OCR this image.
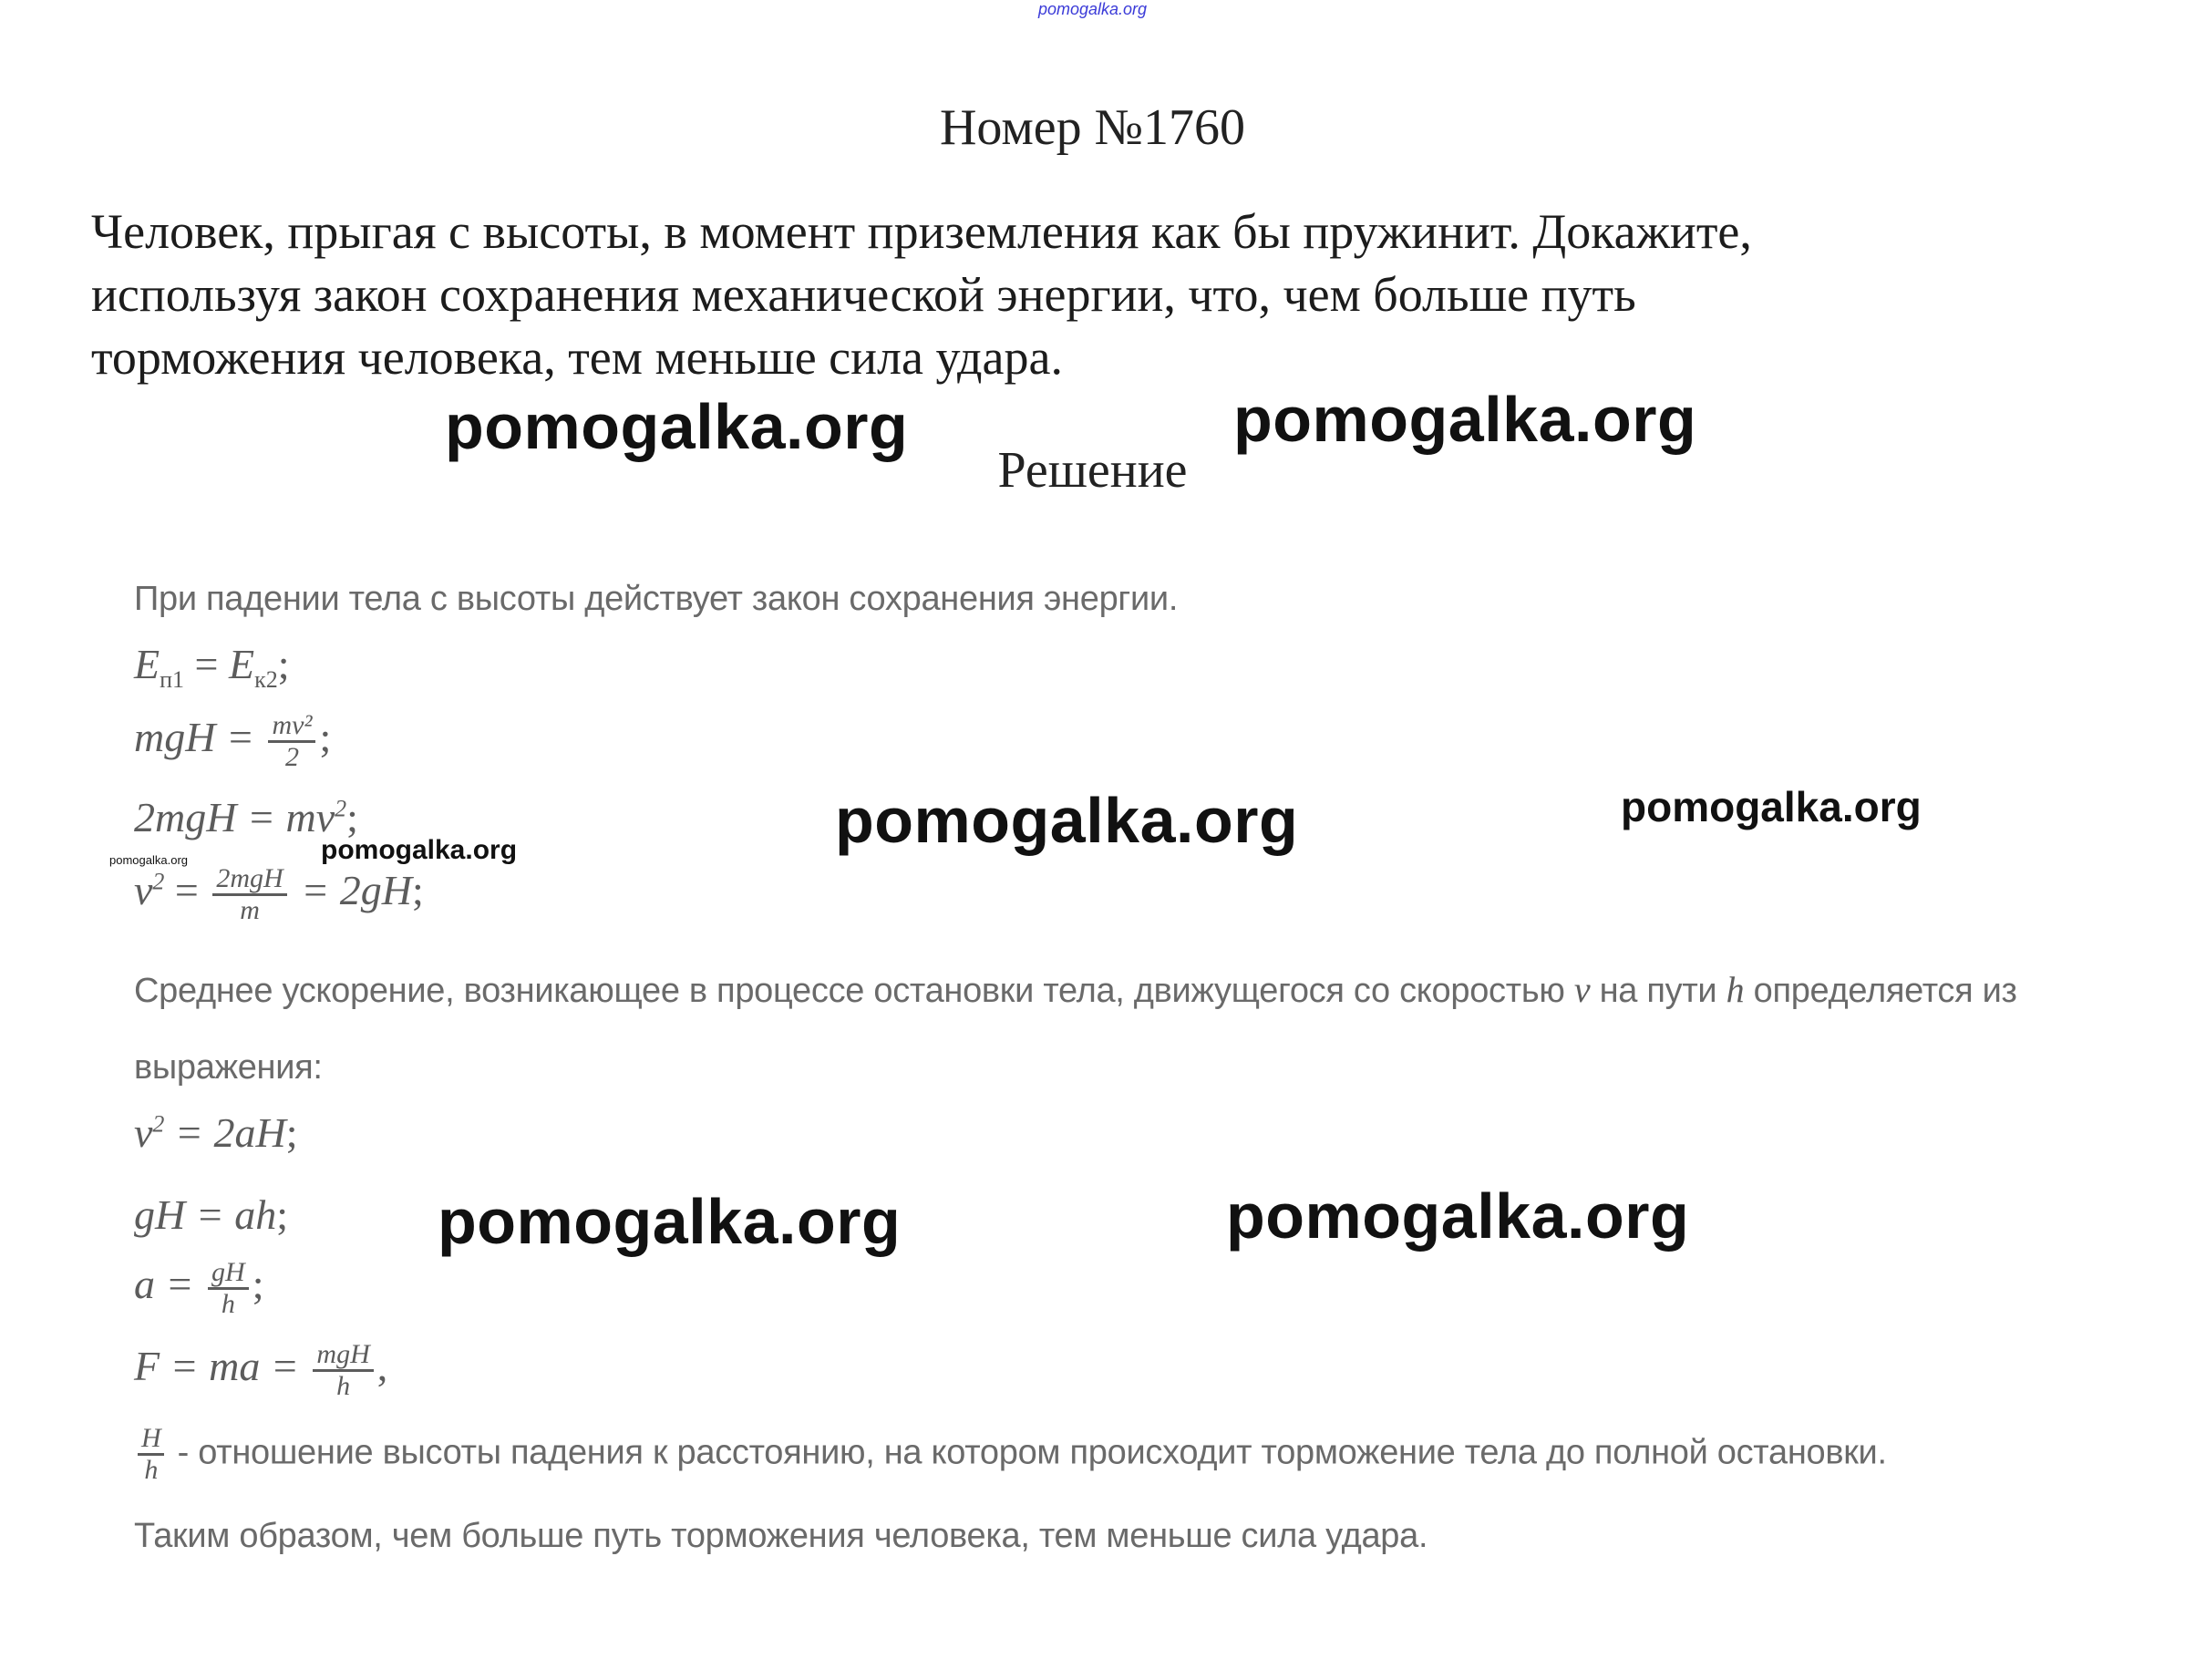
pomogalka.org
Номер №1760
Человек, прыгая с высоты, в момент приземления как бы пружинит. Докажите,
используя закон сохранения механической энергии, что, чем больше путь
торможения человека, тем меньше сила удара.
Решение
При падении тела с высоты действует закон сохранения энергии.
$E_{п1} = E_{к2}$;
mgH = $\frac{\text{mv²}}{2}$ ;
$2mgH = mv^2$;
$v^2 = \frac{\text{2mgH}}{m} = 2gH$;
Среднее ускорение, возникающее в процессе остановки тела, движущегося со скоростью v на пути h определяется из
выражения:
$v^2 = 2aH$;
gH = ah;
$a = \frac{gH}{h}$ ;
F = ma = $\frac{\text{mgH}}{h}$ ,
$\frac{H}{h}$ - отношение высоты падения к расстоянию, на котором происходит торможение тела до полной остановки.
Таким образом, чем больше путь торможения человека, тем меньше сила удара.
pomogalka.org	pomogalka.org
pomogalka.org	pomogalka.org
pomogalka.org
pomogalka.org
pomogalka.org	pomogalka.org
